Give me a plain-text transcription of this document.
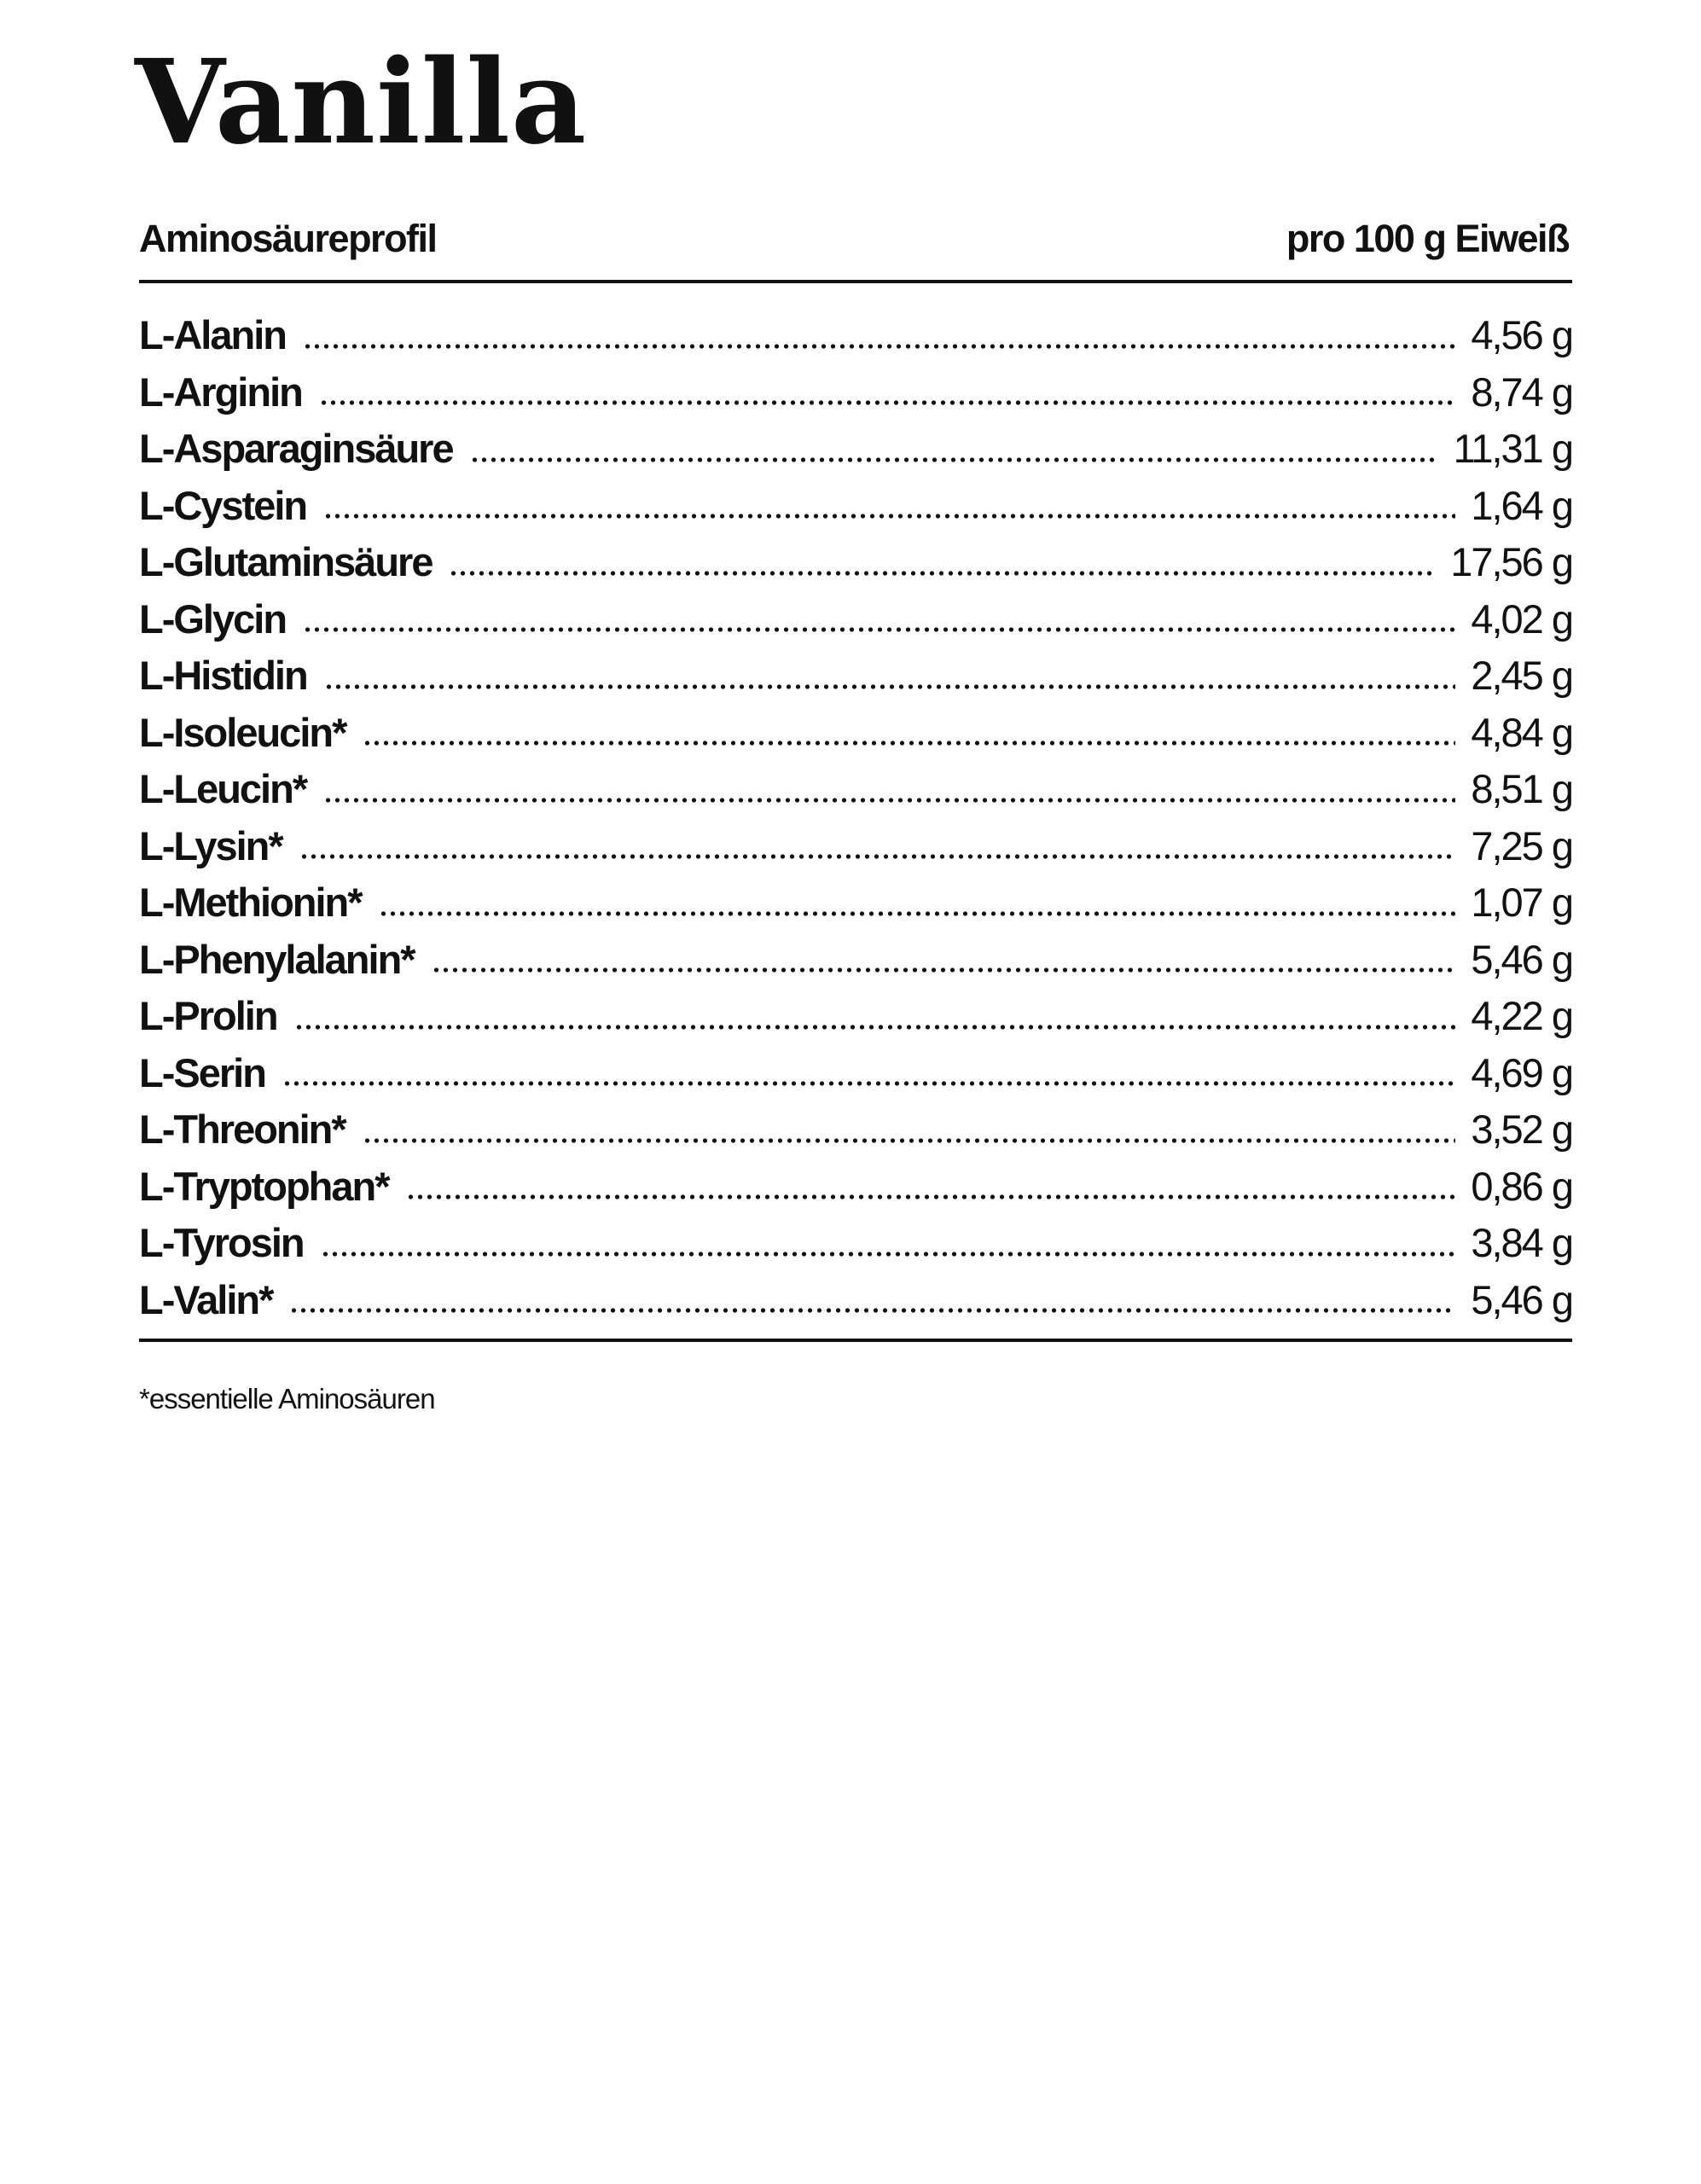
Vanilla
Aminosäureprofil	pro 100 g Eiweiß
L-Alanin	4,56 g
L-Arginin	8,74 g
L-Asparaginsäure	11,31 g
L-Cystein	1,64 g
L-Glutaminsäure	17,56 g
L-Glycin	4,02 g
L-Histidin	2,45 g
L-Isoleucin*	4,84 g
L-Leucin*	8,51 g
L-Lysin*	7,25 g
L-Methionin*	1,07 g
L-Phenylalanin*	5,46 g
L-Prolin	4,22 g
L-Serin	4,69 g
L-Threonin*	3,52 g
L-Tryptophan*	0,86 g
L-Tyrosin	3,84 g
L-Valin*	5,46 g

*essentielle Aminosäuren
